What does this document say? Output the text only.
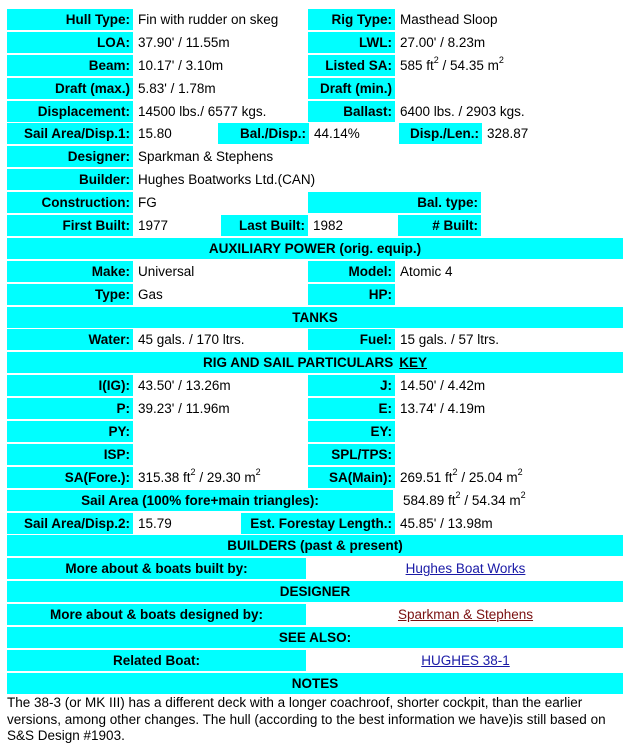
Hull Type: Fin with rudder on skeg	Rig Type: Masthead Sloop
LOA: 37.90' / 11.55m	LWL: 27.00' / 8.23m
Beam: 10.17' / 3.10m	Listed SA: 585 $ft^2 / 54.35$ $m^2$
Draft (max.) 5.83' / 1.78m	Draft (min.)
Displacement: 14500 lbs./ 6577 kgs.	Ballast: 6400 lbs. / 2903 kgs.
Sail Area/Disp.1: 15.80	Bal./Disp.: 44.14%	Disp./Len.: 328.87
Designer: Sparkman & Stephens
Builder: Hughes Boatworks Ltd.(CAN)
Construction: FG	Bal. type:
First Built: 1977	Last Built: 1982	# Built:
AUXILIARY POWER (orig. equip.)
Make: Universal	Model: Atomic 4
Type: Gas	HP:
TANKS
Water: 45 gals. / 170 ltrs.	Fuel: 15 gals. / 57 ltrs.
RIG AND SAIL PARTICULARS KEY
I(IG): 43.50' / 13.26m	J: 14.50' / 4.42m
P: 39.23' / 11.96m	E: 13.74' / 4.19m
PY:	EY:
ISP:	SPL/TPS:
SA(Fore.): 315.38 $ft^2 / 29.30$ $m^2$	SA(Main): 269.51 $ft^2 / 25.04$ $m^2$
Sail Area (100% fore+main triangles):	584.89 $ft^2 / 54.34$ $m^2$
Sail Area/Disp.2: 15.79	Est. Forestay Length.: 45.85' / 13.98m
BUILDERS (past & present)
More about & boats built by:	Hughes Boat Works
DESIGNER
More about & boats designed by:	Sparkman & Stephens
SEE ALSO:
Related Boat:	HUGHES 38-1
NOTES
The 38-3 (or MK III) has a different deck with a longer coachroof, shorter cockpit, than the earlier versions, among other changes. The hull (according to the best information we have)is still based on S&S Design #1903.
